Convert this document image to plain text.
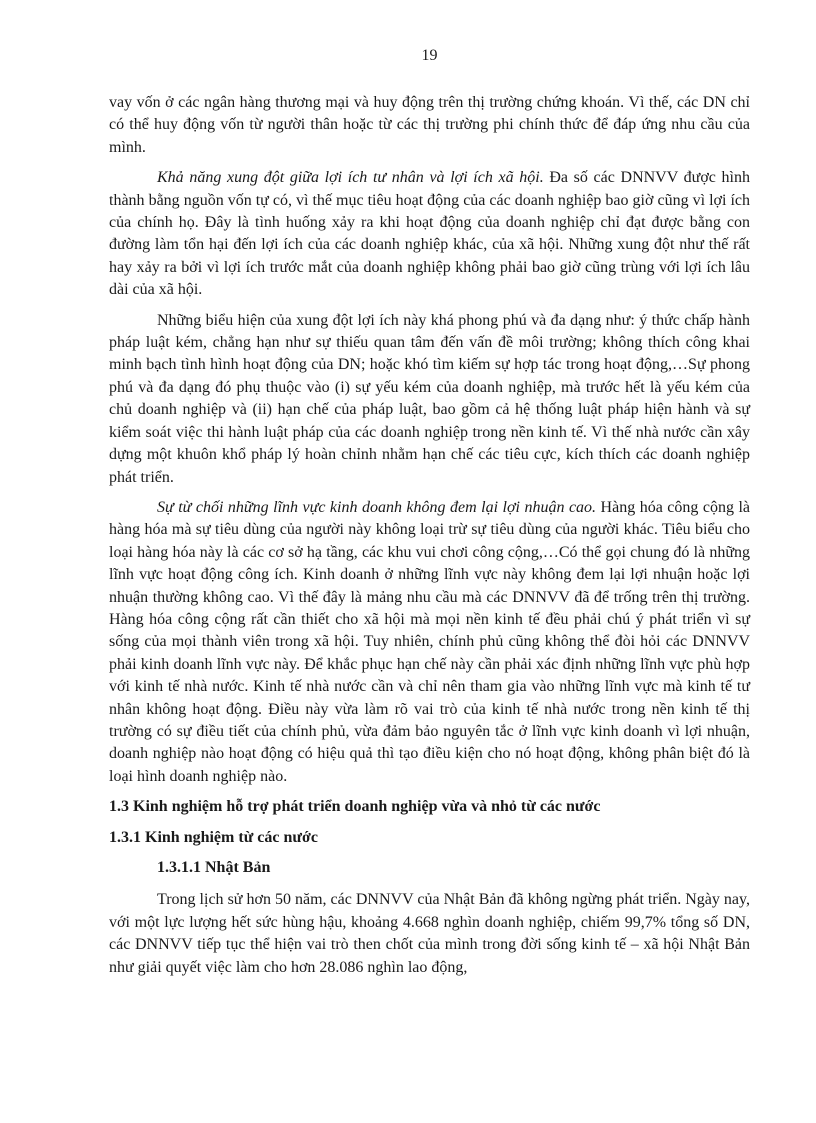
19

vay vốn ở các ngân hàng thương mại và huy động trên thị trường chứng khoán. Vì thế, các DN chỉ có thể huy động vốn từ người thân hoặc từ các thị trường phi chính thức để đáp ứng nhu cầu của mình.

Khả năng xung đột giữa lợi ích tư nhân và lợi ích xã hội. Đa số các DNNVV được hình thành bằng nguồn vốn tự có, vì thế mục tiêu hoạt động của các doanh nghiệp bao giờ cũng vì lợi ích của chính họ. Đây là tình huống xảy ra khi hoạt động của doanh nghiệp chỉ đạt được bằng con đường làm tổn hại đến lợi ích của các doanh nghiệp khác, của xã hội. Những xung đột như thế rất hay xảy ra bởi vì lợi ích trước mắt của doanh nghiệp không phải bao giờ cũng trùng với lợi ích lâu dài của xã hội.

Những biểu hiện của xung đột lợi ích này khá phong phú và đa dạng như: ý thức chấp hành pháp luật kém, chẳng hạn như sự thiếu quan tâm đến vấn đề môi trường; không thích công khai minh bạch tình hình hoạt động của DN; hoặc khó tìm kiếm sự hợp tác trong hoạt động,…Sự phong phú và đa dạng đó phụ thuộc vào (i) sự yếu kém của doanh nghiệp, mà trước hết là yếu kém của chủ doanh nghiệp và (ii) hạn chế của pháp luật, bao gồm cả hệ thống luật pháp hiện hành và sự kiểm soát việc thi hành luật pháp của các doanh nghiệp trong nền kinh tế. Vì thế nhà nước cần xây dựng một khuôn khổ pháp lý hoàn chỉnh nhằm hạn chế các tiêu cực, kích thích các doanh nghiệp phát triển.

Sự từ chối những lĩnh vực kinh doanh không đem lại lợi nhuận cao. Hàng hóa công cộng là hàng hóa mà sự tiêu dùng của người này không loại trừ sự tiêu dùng của người khác. Tiêu biểu cho loại hàng hóa này là các cơ sở hạ tầng, các khu vui chơi công cộng,…Có thể gọi chung đó là những lĩnh vực hoạt động công ích. Kinh doanh ở những lĩnh vực này không đem lại lợi nhuận hoặc lợi nhuận thường không cao. Vì thế đây là mảng nhu cầu mà các DNNVV đã để trống trên thị trường. Hàng hóa công cộng rất cần thiết cho xã hội mà mọi nền kinh tế đều phải chú ý phát triển vì sự sống của mọi thành viên trong xã hội. Tuy nhiên, chính phủ cũng không thể đòi hỏi các DNNVV phải kinh doanh lĩnh vực này. Để khắc phục hạn chế này cần phải xác định những lĩnh vực phù hợp với kinh tế nhà nước. Kinh tế nhà nước cần và chỉ nên tham gia vào những lĩnh vực mà kinh tế tư nhân không hoạt động. Điều này vừa làm rõ vai trò của kinh tế nhà nước trong nền kinh tế thị trường có sự điều tiết của chính phủ, vừa đảm bảo nguyên tắc ở lĩnh vực kinh doanh vì lợi nhuận, doanh nghiệp nào hoạt động có hiệu quả thì tạo điều kiện cho nó hoạt động, không phân biệt đó là loại hình doanh nghiệp nào.

1.3 Kinh nghiệm hỗ trợ phát triển doanh nghiệp vừa và nhỏ từ các nước
1.3.1 Kinh nghiệm từ các nước
1.3.1.1 Nhật Bản

Trong lịch sử hơn 50 năm, các DNNVV của Nhật Bản đã không ngừng phát triển. Ngày nay, với một lực lượng hết sức hùng hậu, khoảng 4.668 nghìn doanh nghiệp, chiếm 99,7% tổng số DN, các DNNVV tiếp tục thể hiện vai trò then chốt của mình trong đời sống kinh tế – xã hội Nhật Bản như giải quyết việc làm cho hơn 28.086 nghìn lao động,
